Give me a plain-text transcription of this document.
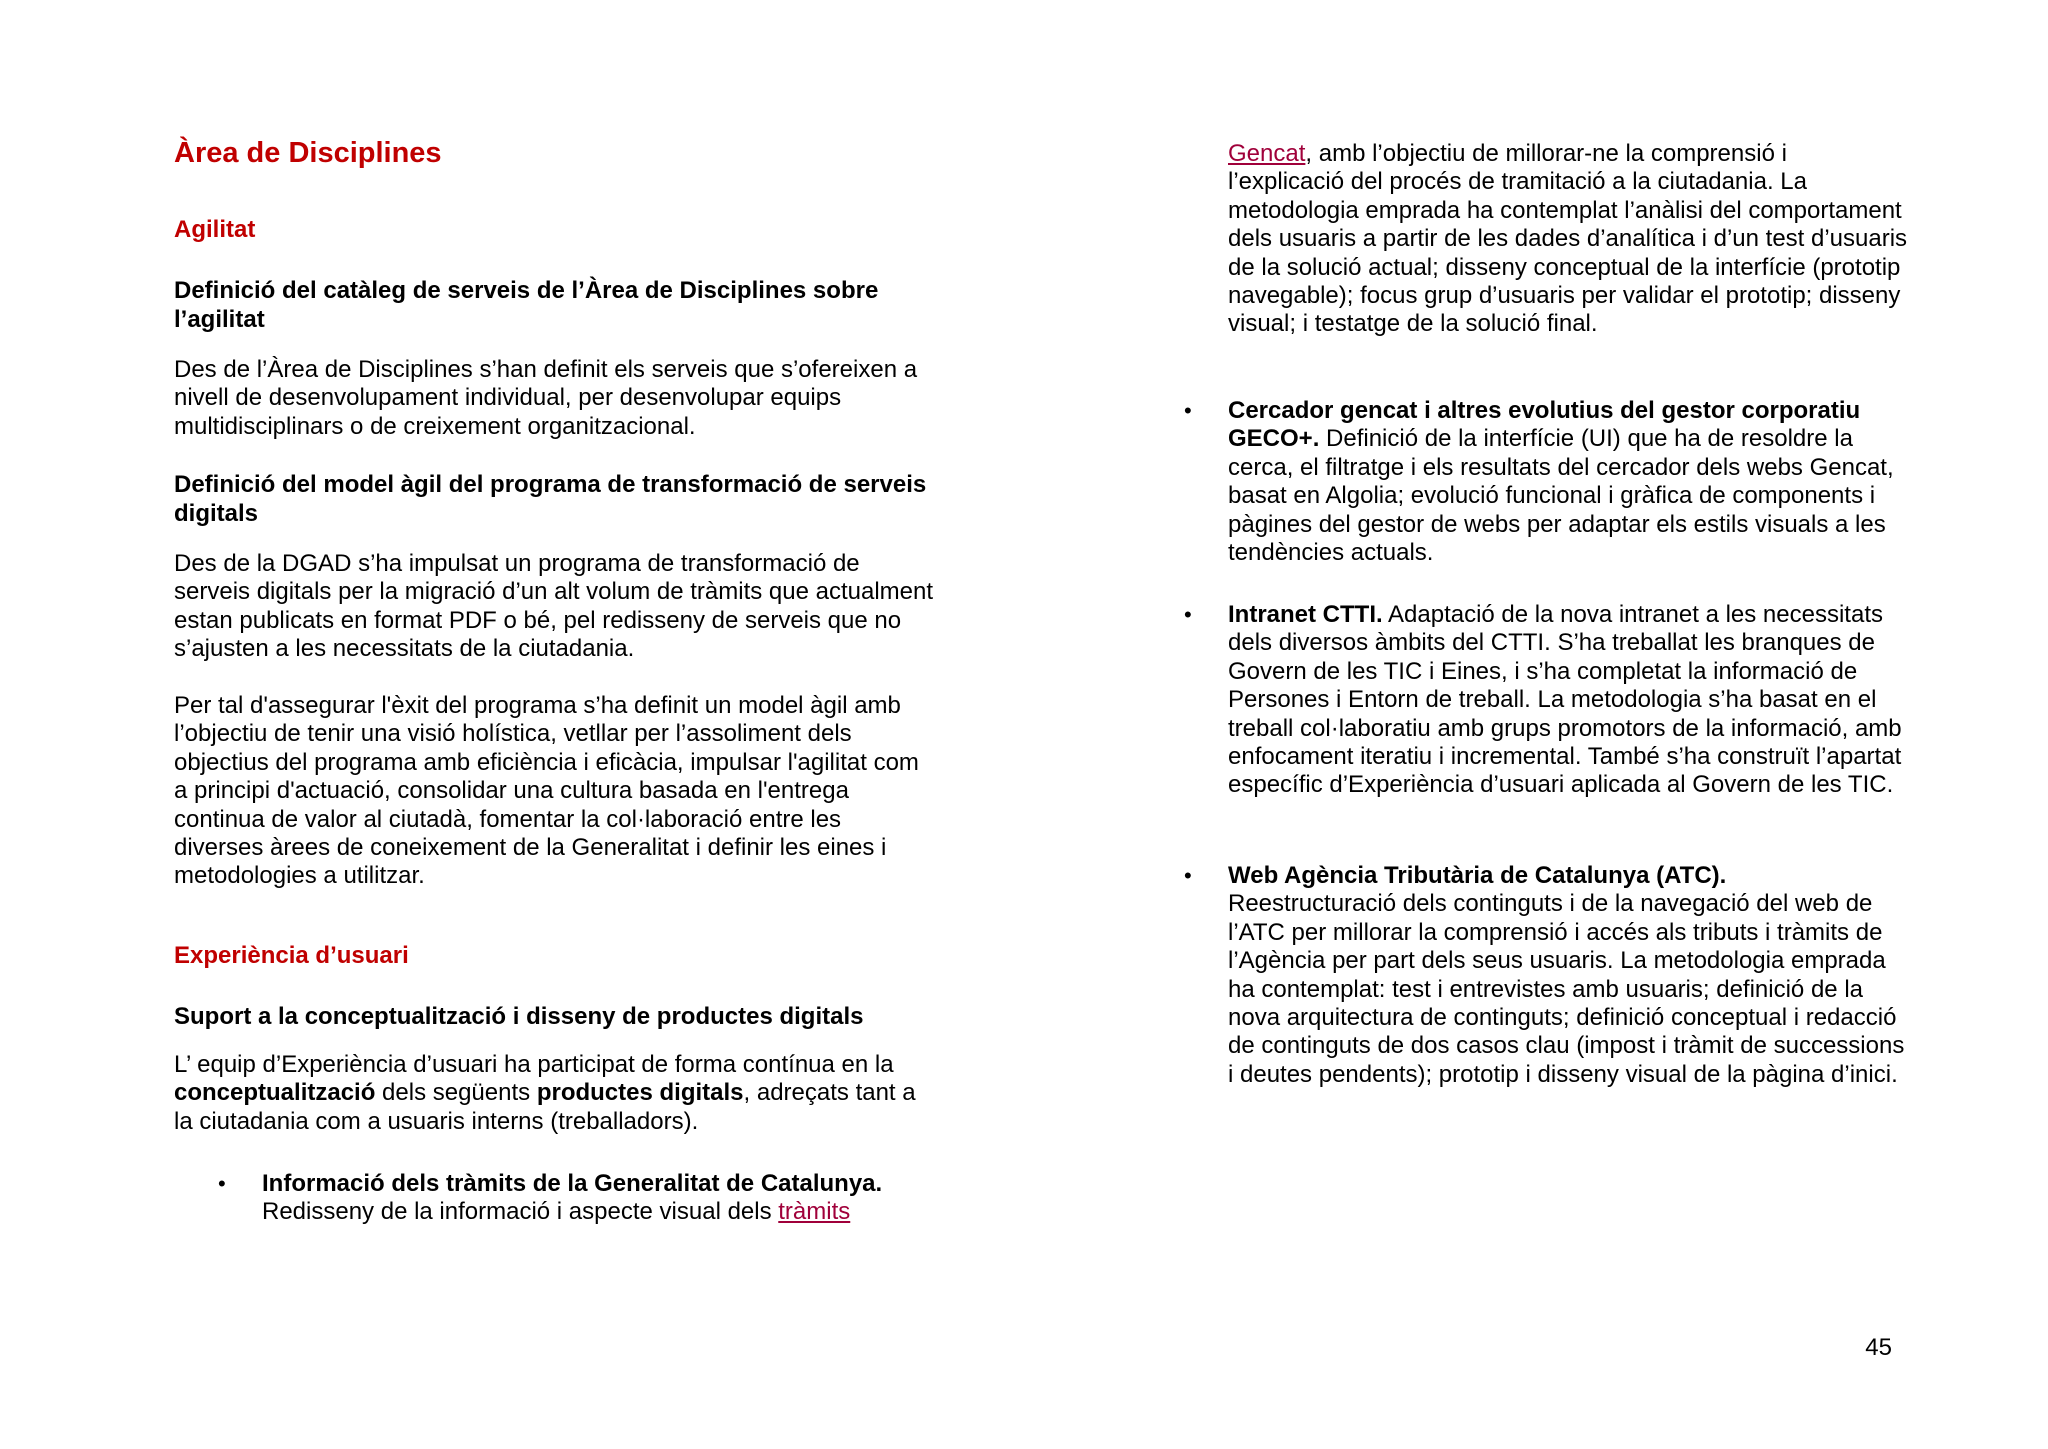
Àrea de Disciplines
Agilitat
Definició del catàleg de serveis de l’Àrea de Disciplines sobre l’agilitat

Des de l’Àrea de Disciplines s’han definit els serveis que s’ofereixen a nivell de desenvolupament individual, per desenvolupar equips multidisciplinars o de creixement organitzacional.

Definició del model àgil del programa de transformació de serveis digitals

Des de la DGAD s’ha impulsat un programa de transformació de serveis digitals per la migració d’un alt volum de tràmits que actualment estan publicats en format PDF o bé, pel redisseny de serveis que no s’ajusten a les necessitats de la ciutadania.

Per tal d'assegurar l'èxit del programa s’ha definit un model àgil amb l’objectiu de tenir una visió holística, vetllar per l’assoliment dels objectius del programa amb eficiència i eficàcia, impulsar l'agilitat com a principi d'actuació, consolidar una cultura basada en l'entrega continua de valor al ciutadà, fomentar la col·laboració entre les diverses àrees de coneixement de la Generalitat i definir les eines i metodologies a utilitzar.

Experiència d’usuari
Suport a la conceptualització i disseny de productes digitals

L’ equip d’Experiència d’usuari ha participat de forma contínua en la conceptualització dels següents productes digitals, adreçats tant a la ciutadania com a usuaris interns (treballadors).

• Informació dels tràmits de la Generalitat de Catalunya.
Redisseny de la informació i aspecte visual dels tràmits
Gencat, amb l’objectiu de millorar-ne la comprensió i l’explicació del procés de tramitació a la ciutadania. La metodologia emprada ha contemplat l’anàlisi del comportament dels usuaris a partir de les dades d’analítica i d’un test d’usuaris de la solució actual; disseny conceptual de la interfície (prototip navegable); focus grup d’usuaris per validar el prototip; disseny visual; i testatge de la solució final.
• Cercador gencat i altres evolutius del gestor corporatiu GECO+. Definició de la interfície (UI) que ha de resoldre la cerca, el filtratge i els resultats del cercador dels webs Gencat, basat en Algolia; evolució funcional i gràfica de components i pàgines del gestor de webs per adaptar els estils visuals a les tendències actuals.
• Intranet CTTI. Adaptació de la nova intranet a les necessitats dels diversos àmbits del CTTI. S’ha treballat les branques de Govern de les TIC i Eines, i s’ha completat la informació de Persones i Entorn de treball. La metodologia s’ha basat en el treball col·laboratiu amb grups promotors de la informació, amb enfocament iteratiu i incremental. També s’ha construït l’apartat específic d’Experiència d’usuari aplicada al Govern de les TIC.
• Web Agència Tributària de Catalunya (ATC).
Reestructuració dels continguts i de la navegació del web de l’ATC per millorar la comprensió i accés als tributs i tràmits de l’Agència per part dels seus usuaris. La metodologia emprada ha contemplat: test i entrevistes amb usuaris; definició de la nova arquitectura de continguts; definició conceptual i redacció de continguts de dos casos clau (impost i tràmit de successions i deutes pendents); prototip i disseny visual de la pàgina d’inici.
45
